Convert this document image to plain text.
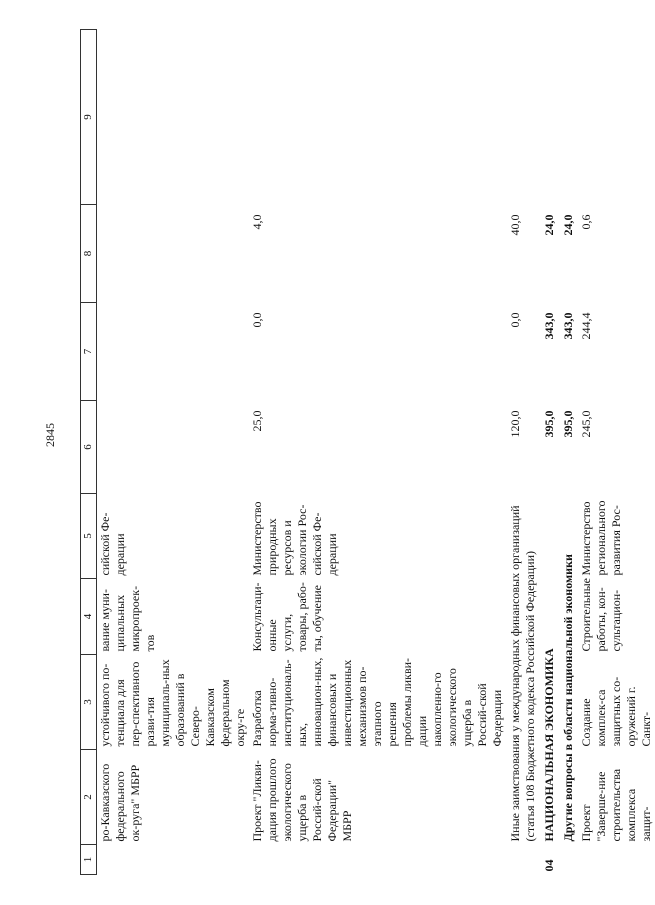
2845
1	2	3	4	5	6	7	8	9
	ро-Кавказского федерального ок-руга" МБРР	устойчивого по-тенциала для пер-спективного разви-тия муниципаль-ных образований в Северо-Кавказском федеральном окру-ге	вание муни-ципальных микропроек-тов	сийской Фе-дерации				
	Проект "Ликви-дация прошлого экологического ущерба в Россий-ской Федерации" МБРР	Разработка норма-тивно-институциональ-ных, инновацион-ных, финансовых и инвестиционных механизмов по-этапного решения проблемы ликви-дации накопленно-го экологического ущерба в Россий-ской Федерации	Консультаци-онные услуги, товары, рабо-ты, обучение	Министерство природных ресурсов и экологии Рос-сийской Фе-дерации	25,0	0,0	4,0	
	Иные заимствования у международных финансовых организаций (статья 108 Бюджетного кодекса Российской Федерации)				120,0	0,0	40,0	
04	НАЦИОНАЛЬНАЯ ЭКОНОМИКА				395,0	343,0	24,0	
	Другие вопросы в области национальной экономики				395,0	343,0	24,0	
	Проект "Заверше-ние строительства комплекса защит-	Создание комплек-са защитных со-оружений г. Санкт-	Строительные работы, кон-сультацион-	Министерство регионального развития Рос-	245,0	244,4	0,6	
